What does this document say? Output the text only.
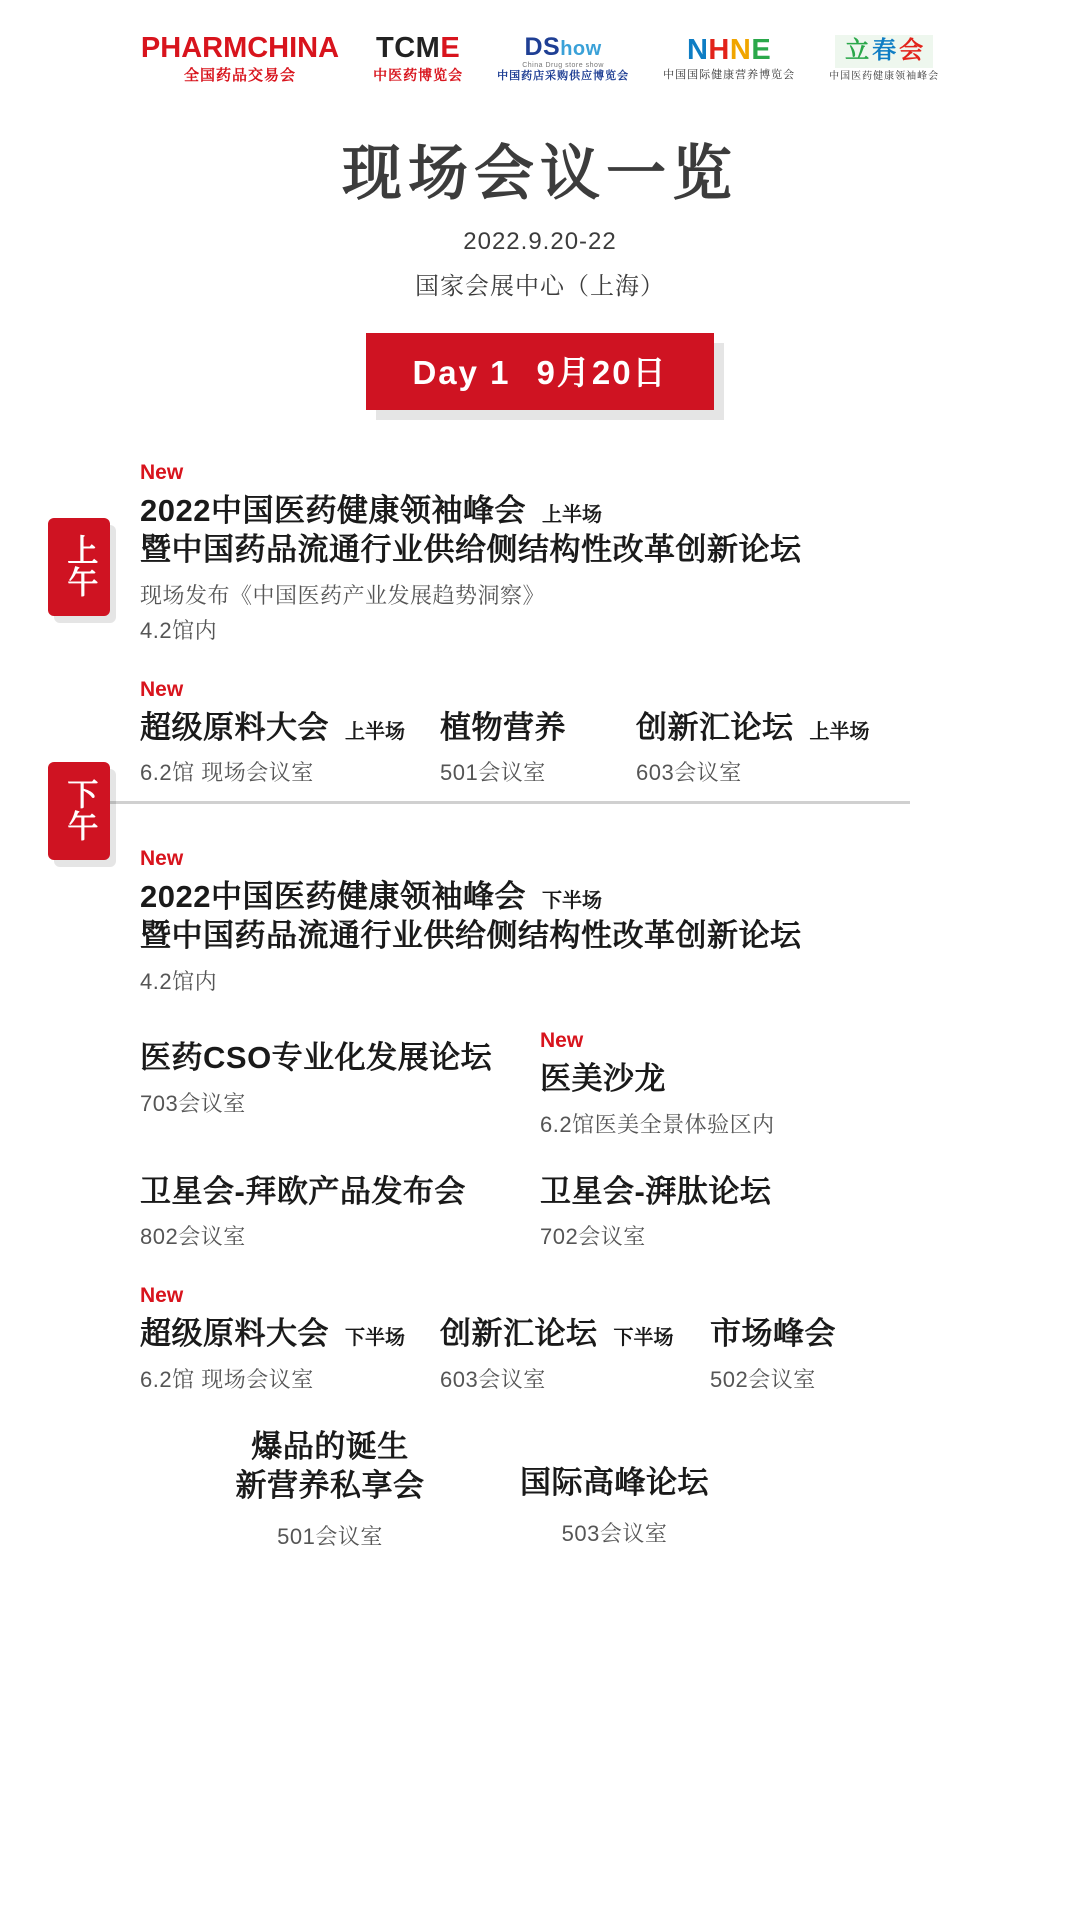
PHARMCHINA
全国药品交易会
TCME
中医药博览会
DShow
China Drug store show
中国药店采购供应博览会
NHNE
中国国际健康营养博览会
立 春 会
中国医药健康领袖峰会
现场会议一览
2022.9.20-22
国家会展中心（上海）
Day 1 9月20日
上午
下午
New
2022中国医药健康领袖峰会 上半场
暨中国药品流通行业供给侧结构性改革创新论坛
现场发布《中国医药产业发展趋势洞察》
4.2馆内
New
超级原料大会 上半场
6.2馆 现场会议室
植物营养
501会议室
创新汇论坛 上半场
603会议室
New
2022中国医药健康领袖峰会 下半场
暨中国药品流通行业供给侧结构性改革创新论坛
4.2馆内
医药CSO专业化发展论坛
703会议室
New
医美沙龙
6.2馆医美全景体验区内
卫星会-拜欧产品发布会
802会议室
卫星会-湃肽论坛
702会议室
New
超级原料大会 下半场
6.2馆 现场会议室
创新汇论坛 下半场
603会议室
市场峰会
502会议室
爆品的诞生
新营养私享会
501会议室
国际高峰论坛
503会议室
